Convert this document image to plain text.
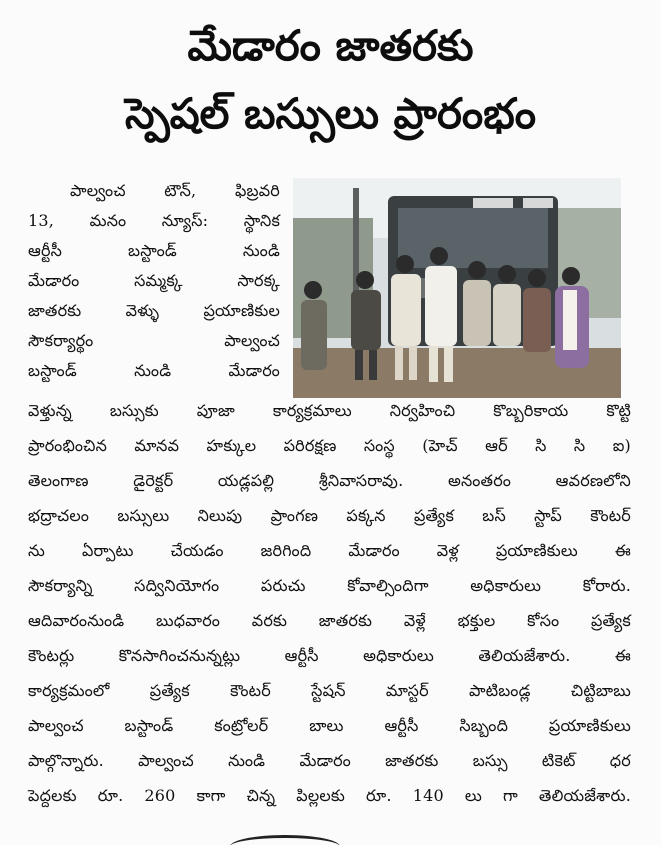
మేడారం జాతరకు
స్పెషల్ బస్సులు ప్రారంభం
పాల్వంచ టౌన్, ఫిబ్రవరి
13, మనం న్యూస్: స్థానిక
ఆర్టీసీ బస్టాండ్ నుండి
మేడారం సమ్మక్క సారక్క
జాతరకు వెళ్ళు ప్రయాణికుల
సౌకర్యార్థం పాల్వంచ
బస్టాండ్ నుండి మేడారం
వెళ్తున్న బస్సుకు పూజా కార్యక్రమాలు నిర్వహించి కొబ్బరికాయ కొట్టి
ప్రారంభించిన మానవ హక్కుల పరిరక్షణ సంస్థ (హెచ్ ఆర్ సి సి ఐ)
తెలంగాణ డైరెక్టర్ యడ్లపల్లి శ్రీనివాసరావు. అనంతరం ఆవరణలోని
భద్రాచలం బస్సులు నిలుపు ప్రాంగణ పక్కన ప్రత్యేక బస్ స్టాప్ కౌంటర్
ను ఏర్పాటు చేయడం జరిగింది మేడారం వెళ్ల ప్రయాణికులు ఈ
సౌకర్యాన్ని సద్వినియోగం పరుచు కోవాల్సిందిగా అధికారులు కోరారు.
ఆదివారంనుండి బుధవారం వరకు జాతరకు వెళ్లే భక్తుల కోసం ప్రత్యేక
కౌంటర్లు కొనసాగించనున్నట్లు ఆర్టీసీ అధికారులు తెలియజేశారు. ఈ
కార్యక్రమంలో ప్రత్యేక కౌంటర్ స్టేషన్ మాస్టర్ పాటిబండ్ల చిట్టిబాబు
పాల్వంచ బస్టాండ్ కంట్రోలర్ బాలు ఆర్టీసీ సిబ్బంది ప్రయాణికులు
పాల్గొన్నారు. పాల్వంచ నుండి మేడారం జాతరకు బస్సు టికెట్ ధర
పెద్దలకు రూ. 260 కాగా చిన్న పిల్లలకు రూ. 140 లు గా తెలియజేశారు.
